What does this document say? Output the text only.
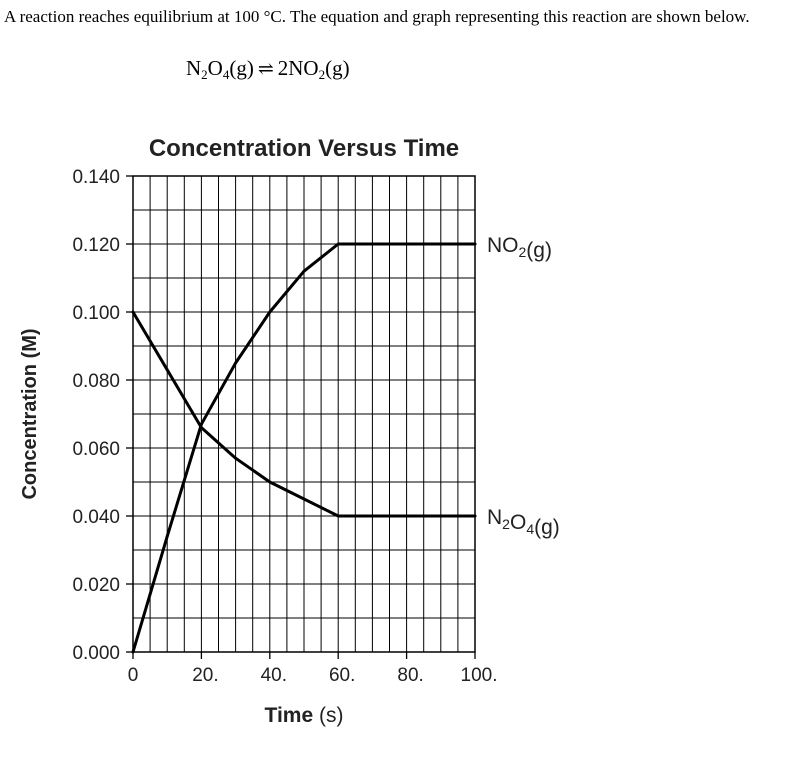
A reaction reaches equilibrium at 100 °C. The equation and graph representing this reaction are shown below.
$N_2O_4(g)$ ⇌ $2NO_2(g)$
0.000
0.020
0.040
0.060
0.080
0.100
0.120
0.140
0	20. 40. 60. 80. 100.
Concentration Versus Time
Time (s)
Concentration (M)
$NO_2(g)$
$N_2O_4(g)$
